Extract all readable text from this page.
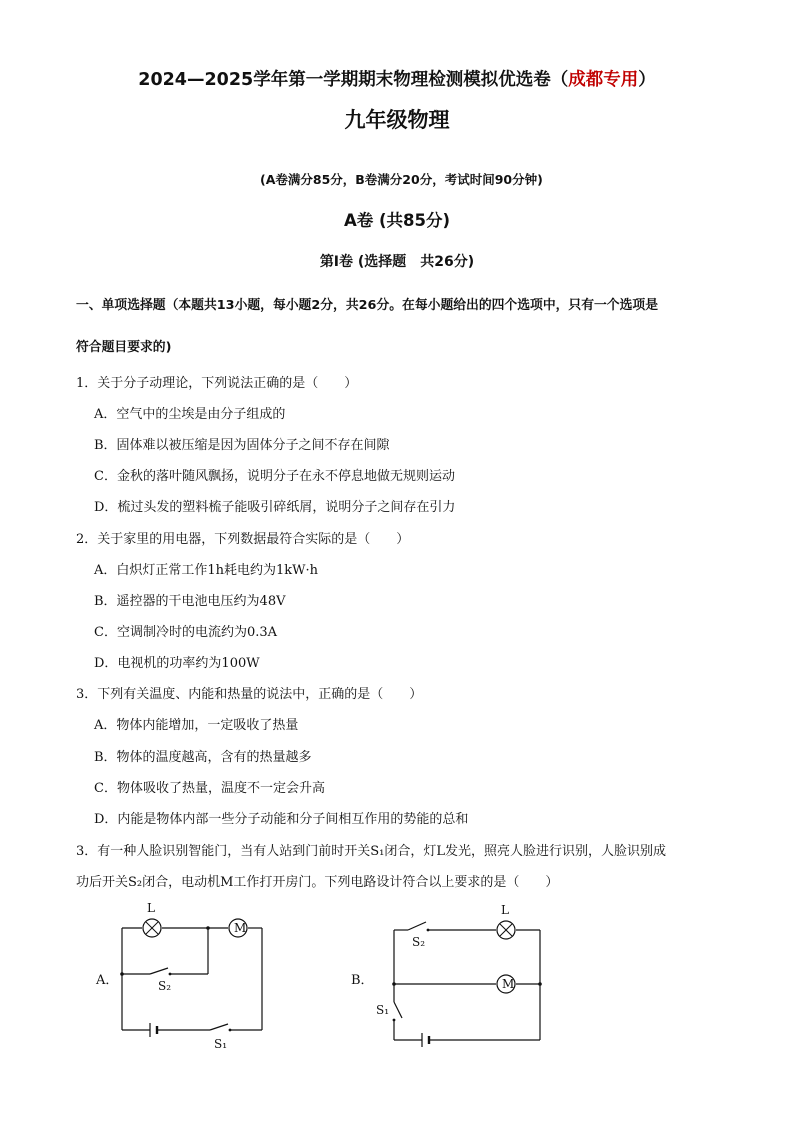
2024—2025学年第一学期期末物理检测模拟优选卷（成都专用）
九年级物理
(A卷满分85分，B卷满分20分，考试时间90分钟)
A卷 (共85分)
第Ⅰ卷 (选择题　共26分)
一、单项选择题（本题共13小题，每小题2分，共26分。在每小题给出的四个选项中，只有一个选项是
符合题目要求的)
1．关于分子动理论，下列说法正确的是（　　）
A．空气中的尘埃是由分子组成的
B．固体难以被压缩是因为固体分子之间不存在间隙
C．金秋的落叶随风飘扬，说明分子在永不停息地做无规则运动
D．梳过头发的塑料梳子能吸引碎纸屑，说明分子之间存在引力
2．关于家里的用电器，下列数据最符合实际的是（　　）
A．白炽灯正常工作1h耗电约为1kW·h
B．遥控器的干电池电压约为48V
C．空调制冷时的电流约为0.3A
D．电视机的功率约为100W
3．下列有关温度、内能和热量的说法中，正确的是（　　）
A．物体内能增加，一定吸收了热量
B．物体的温度越高，含有的热量越多
C．物体吸收了热量，温度不一定会升高
D．内能是物体内部一些分子动能和分子间相互作用的势能的总和
3．有一种人脸识别智能门，当有人站到门前时开关S₁闭合，灯L发光，照亮人脸进行识别，人脸识别成
功后开关S₂闭合，电动机M工作打开房门。下列电路设计符合以上要求的是（　　）
A．
L
M
S₂
S₁
B．
L
M
S₂
S₁
